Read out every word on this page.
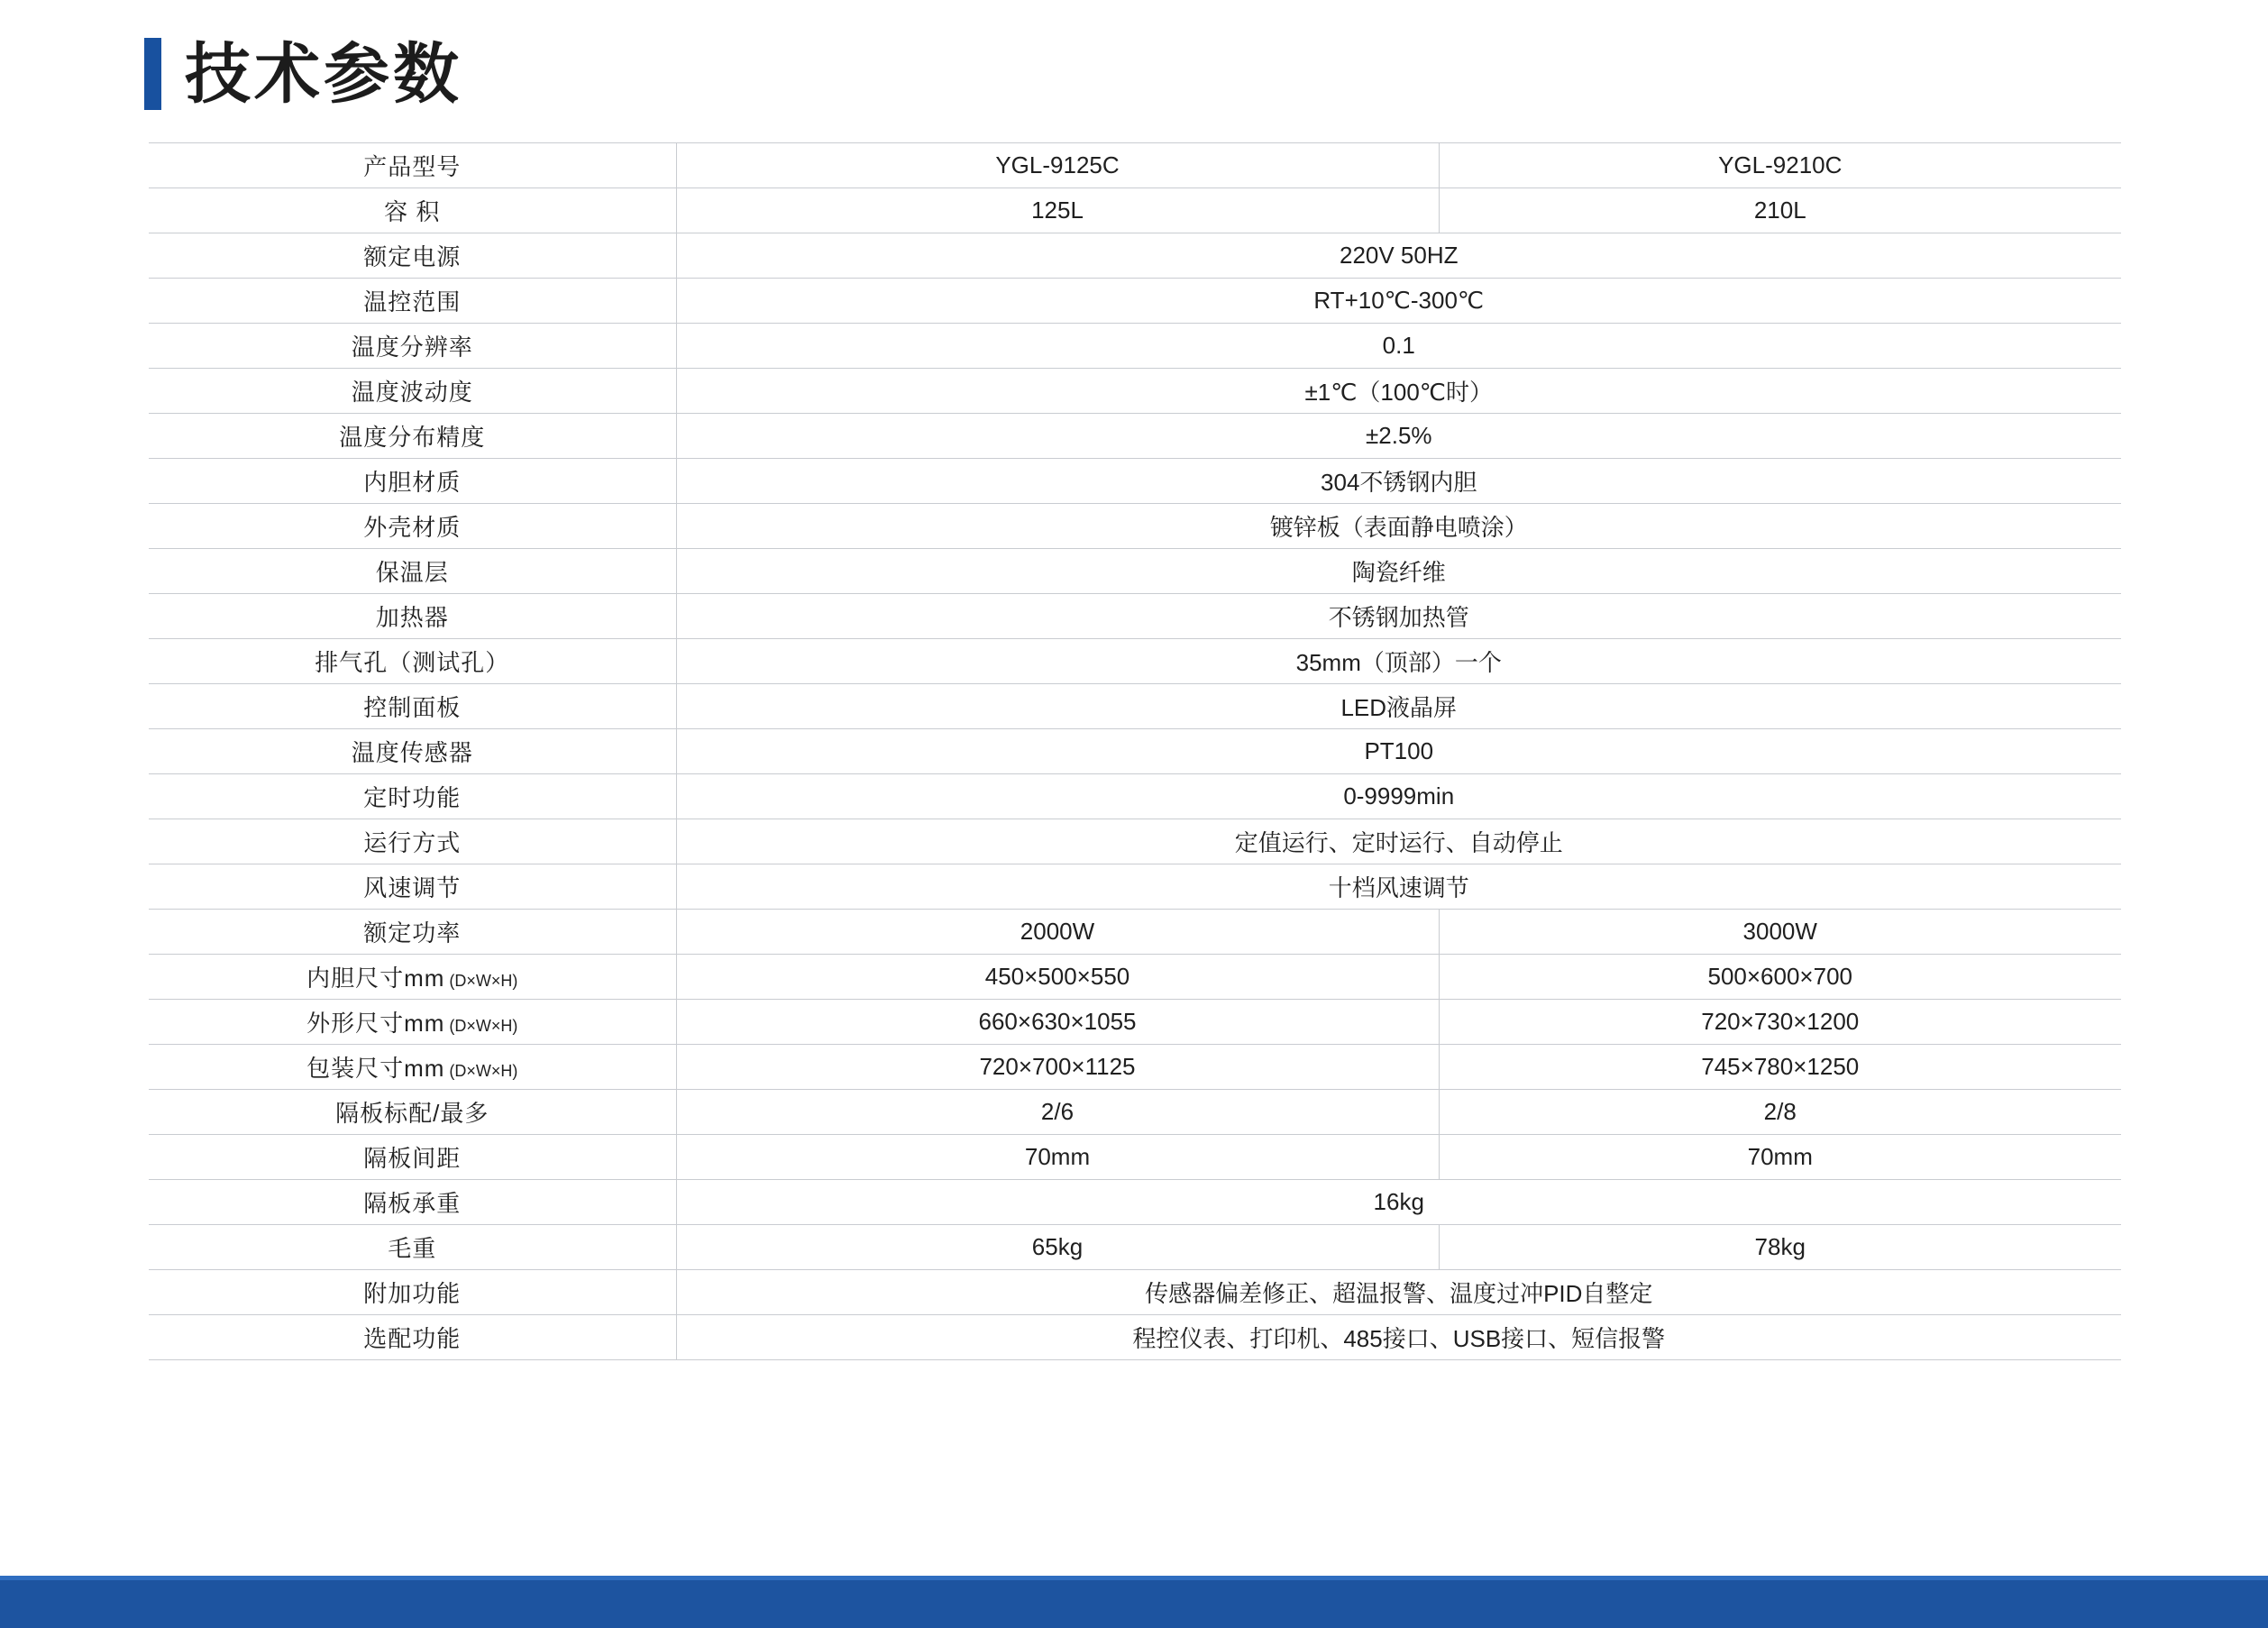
技术参数
产品型号	YGL-9125C	YGL-9210C
容 积	125L	210L
额定电源	220V 50HZ	
温控范围	RT+10℃-300℃	
温度分辨率	0.1	
温度波动度	±1℃（100℃时）	
温度分布精度	±2.5%	
内胆材质	304不锈钢内胆	
外壳材质	镀锌板（表面静电喷涂）	
保温层	陶瓷纤维	
加热器	不锈钢加热管	
排气孔（测试孔）	35mm（顶部）一个	
控制面板	LED液晶屏	
温度传感器	PT100	
定时功能	0-9999min	
运行方式	定值运行、定时运行、自动停止	
风速调节	十档风速调节	
额定功率	2000W	3000W
内胆尺寸mm (D×W×H)	450×500×550	500×600×700
外形尺寸mm (D×W×H)	660×630×1055	720×730×1200
包装尺寸mm (D×W×H)	720×700×1125	745×780×1250
隔板标配/最多	2/6	2/8
隔板间距	70mm	70mm
隔板承重	16kg	
毛重	65kg	78kg
附加功能	传感器偏差修正、超温报警、温度过冲PID自整定	
选配功能	程控仪表、打印机、485接口、USB接口、短信报警	
